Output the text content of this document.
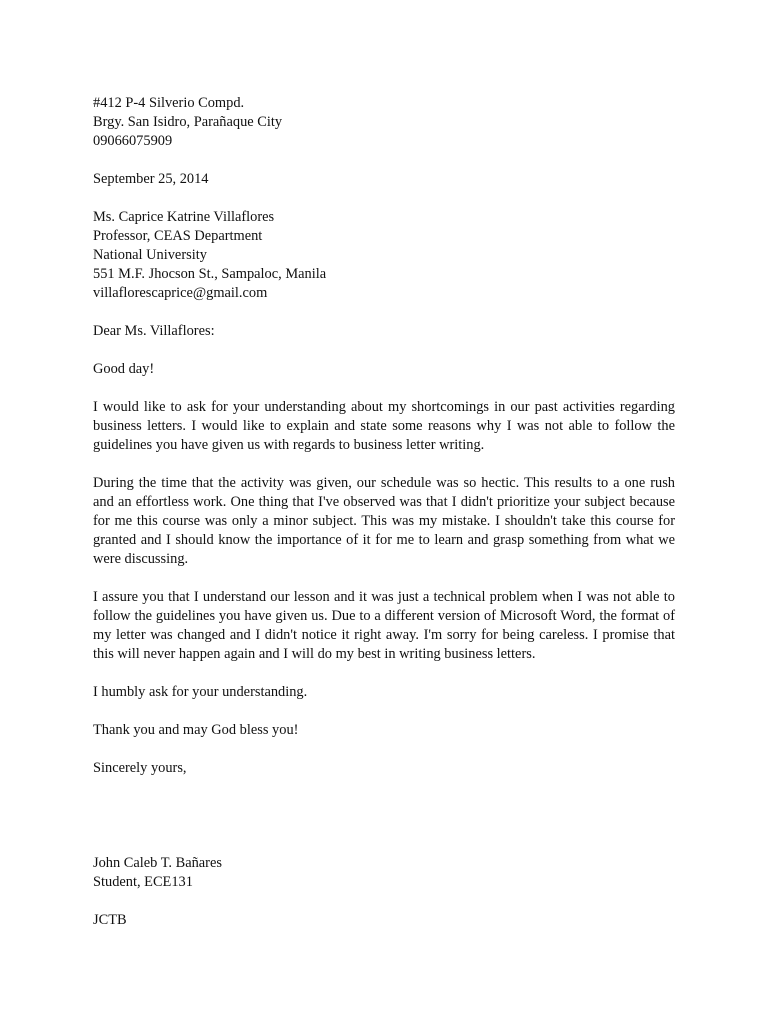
#412 P-4 Silverio Compd.
Brgy. San Isidro, Parañaque City
09066075909
September 25, 2014
Ms. Caprice Katrine Villaflores
Professor, CEAS Department
National University
551 M.F. Jhocson St., Sampaloc, Manila
villaflorescaprice@gmail.com
Dear Ms. Villaflores:
Good day!

I would like to ask for your understanding about my shortcomings in our past activities regarding business letters. I would like to explain and state some reasons why I was not able to follow the guidelines you have given us with regards to business letter writing.

During the time that the activity was given, our schedule was so hectic. This results to a one rush and an effortless work. One thing that I've observed was that I didn't prioritize your subject because for me this course was only a minor subject. This was my mistake. I shouldn't take this course for granted and I should know the importance of it for me to learn and grasp something from what we were discussing.

I assure you that I understand our lesson and it was just a technical problem when I was not able to follow the guidelines you have given us. Due to a different version of Microsoft Word, the format of my letter was changed and I didn't notice it right away. I'm sorry for being careless. I promise that this will never happen again and I will do my best in writing business letters.

I humbly ask for your understanding.

Thank you and may God bless you!

Sincerely yours,
John Caleb T. Bañares
Student, ECE131
JCTB
